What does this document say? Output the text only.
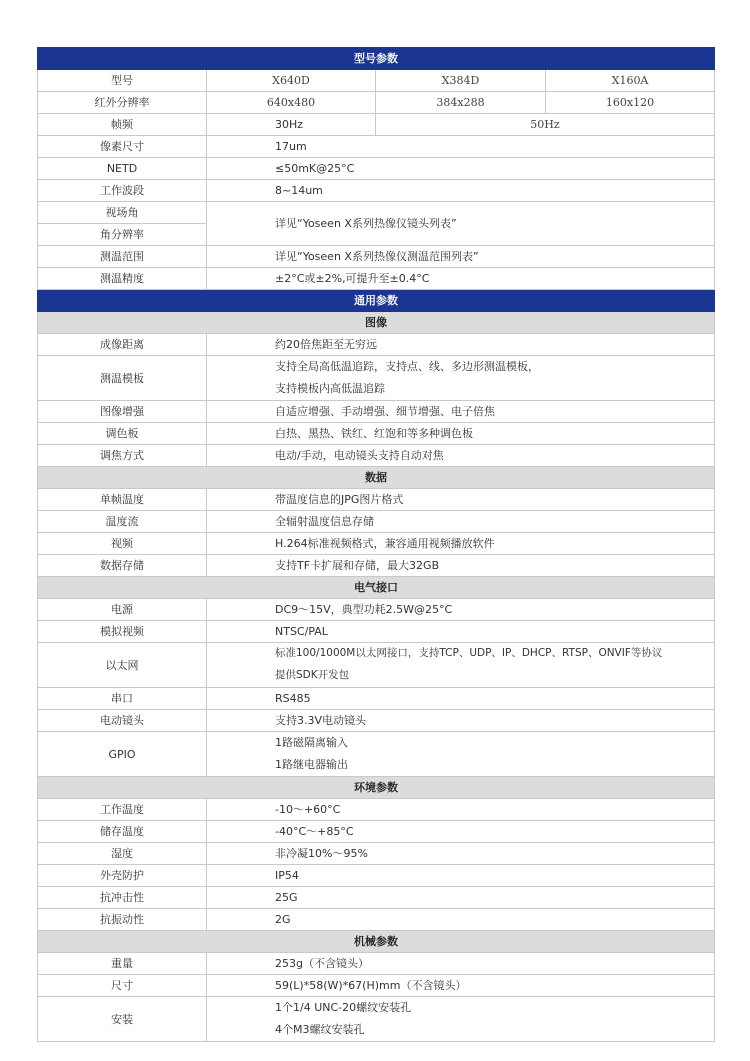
型号参数			
型号	X640D	X384D	X160A
红外分辨率	640x480	384x288	160x120
帧频	30Hz	50Hz	
像素尺寸	17um		
NETD	≤50mK@25°C		
工作波段	8~14um		
视场角	详见“Yoseen X系列热像仪镜头列表”		
角分辨率			
测温范围	详见“Yoseen X系列热像仪测温范围列表”		
测温精度	±2°C或±2%,可提升至±0.4°C		
通用参数			
图像			
成像距离	约20倍焦距至无穷远		
测温模板	支持全局高低温追踪，支持点、线、多边形测温模板，
支持模板内高低温追踪		

图像增强	自适应增强、手动增强、细节增强、电子倍焦		
调色板	白热、黑热、铁红、红饱和等多种调色板		
调焦方式	电动/手动，电动镜头支持自动对焦		
数据			
单帧温度	带温度信息的JPG图片格式		
温度流	全辐射温度信息存储		
视频	H.264标准视频格式，兼容通用视频播放软件		
数据存储	支持TF卡扩展和存储，最大32GB		
电气接口			
电源	DC9～15V，典型功耗2.5W@25°C		
模拟视频	NTSC/PAL		
以太网	标准100/1000M以太网接口，支持TCP、UDP、IP、DHCP、RTSP、ONVIF等协议
提供SDK开发包		

串口	RS485		
电动镜头	支持3.3V电动镜头		
GPIO	1路磁隔离输入
1路继电器输出		

环境参数			
工作温度	-10～+60°C		
储存温度	-40°C～+85°C		
湿度	非冷凝10%～95%		
外壳防护	IP54		
抗冲击性	25G		
抗振动性	2G		
机械参数			
重量	253g（不含镜头）		
尺寸	59(L)*58(W)*67(H)mm（不含镜头）		
安装	1个1/4 UNC-20螺纹安装孔
4个M3螺纹安装孔		
